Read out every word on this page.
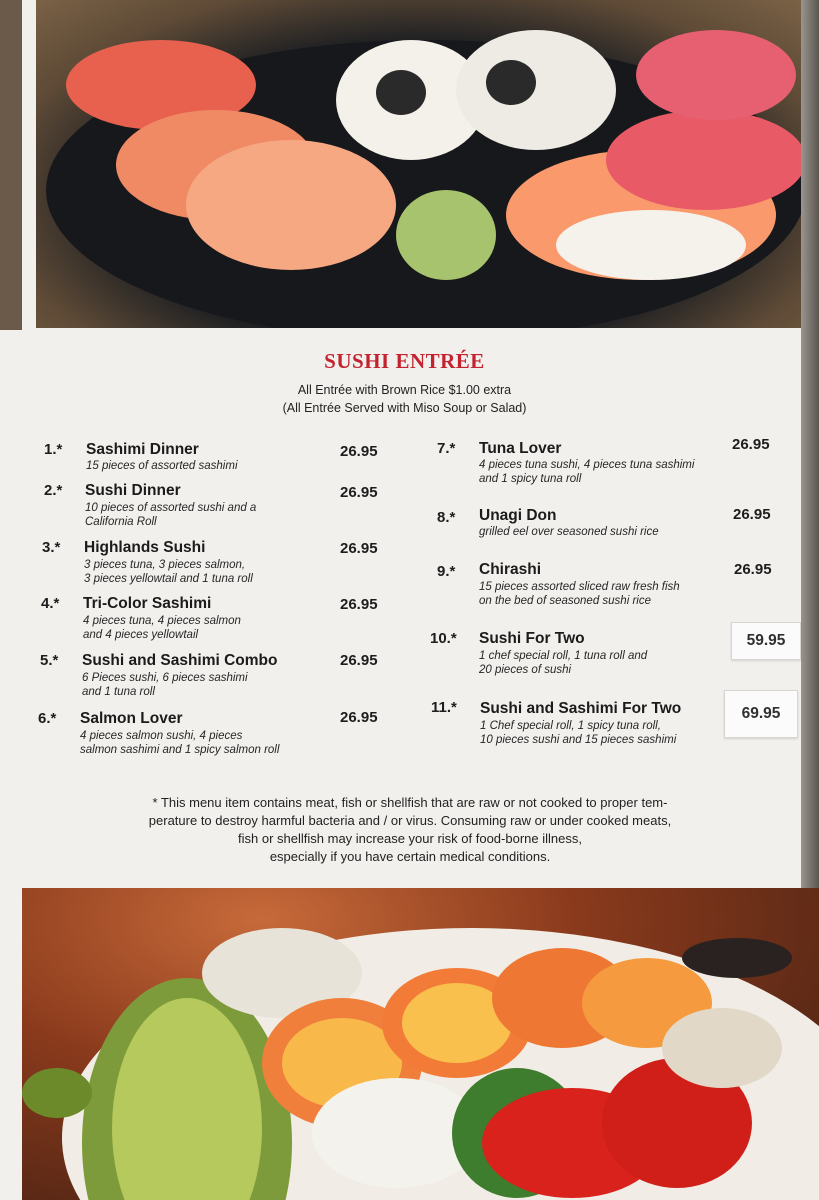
SUSHI ENTRÉE
All Entrée with Brown Rice $1.00 extra
(All Entrée Served with Miso Soup or Salad)
1.* Sashimi Dinner
15 pieces of assorted sashimi
26.95
2.* Sushi Dinner
10 pieces of assorted sushi and a
California Roll
26.95
3.* Highlands Sushi
3 pieces tuna, 3 pieces salmon,
3 pieces yellowtail and 1 tuna roll
26.95
4.* Tri-Color Sashimi
4 pieces tuna, 4 pieces salmon
and 4 pieces yellowtail
26.95
5.* Sushi and Sashimi Combo
6 Pieces sushi, 6 pieces sashimi
and 1 tuna roll
26.95
6.* Salmon Lover
4 pieces salmon sushi, 4 pieces
salmon sashimi and 1 spicy salmon roll
26.95
7.* Tuna Lover
4 pieces tuna sushi, 4 pieces tuna sashimi
and 1 spicy tuna roll
26.95
8.* Unagi Don
grilled eel over seasoned sushi rice
26.95
9.* Chirashi
15 pieces assorted sliced raw fresh fish
on the bed of seasoned sushi rice
26.95
10.* Sushi For Two
1 chef special roll, 1 tuna roll and
20 pieces of sushi
59.95
11.* Sushi and Sashimi For Two
1 Chef special roll, 1 spicy tuna roll,
10 pieces sushi and 15 pieces sashimi
69.95
* This menu item contains meat, fish or shellfish that are raw or not cooked to proper tem-
perature to destroy harmful bacteria and / or virus. Consuming raw or under cooked meats,
fish or shellfish may increase your risk of food-borne illness,
especially if you have certain medical conditions.
